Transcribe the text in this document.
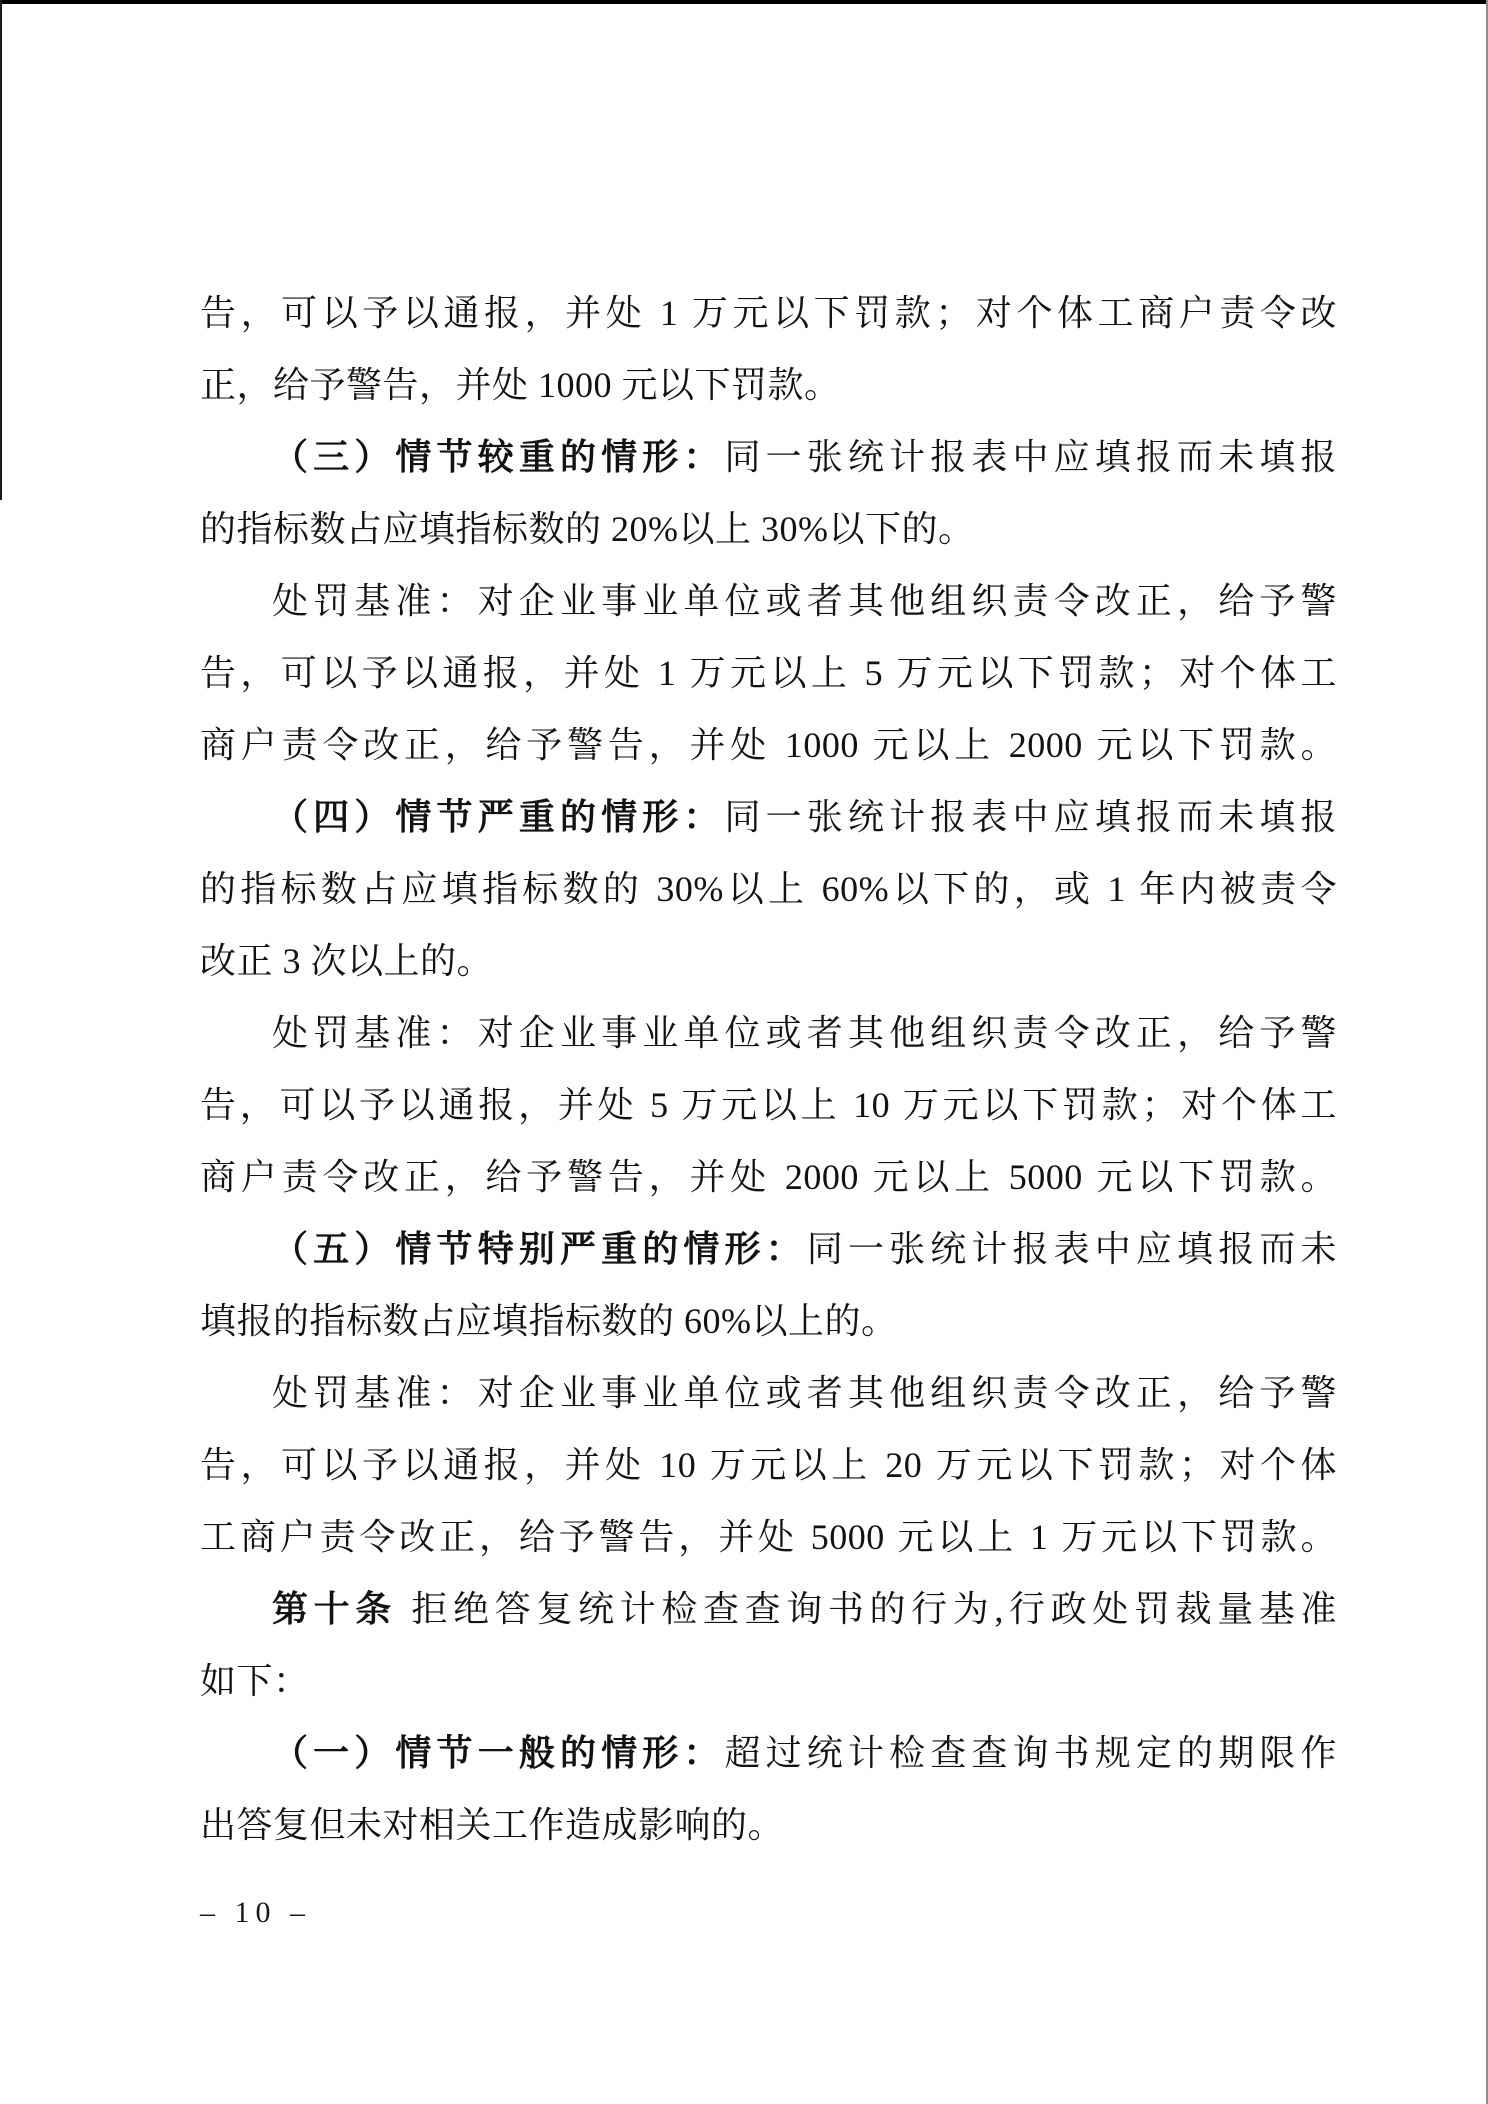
告，可以予以通报，并处 1 万元以下罚款；对个体工商户责令改
正，给予警告，并处 1000 元以下罚款。
（三）情节较重的情形：同一张统计报表中应填报而未填报
的指标数占应填指标数的 20%以上 30%以下的。
处罚基准：对企业事业单位或者其他组织责令改正，给予警
告，可以予以通报，并处 1 万元以上 5 万元以下罚款；对个体工
商户责令改正，给予警告，并处 1000 元以上 2000 元以下罚款。
（四）情节严重的情形：同一张统计报表中应填报而未填报
的指标数占应填指标数的 30%以上 60%以下的，或 1 年内被责令
改正 3 次以上的。
处罚基准：对企业事业单位或者其他组织责令改正，给予警
告，可以予以通报，并处 5 万元以上 10 万元以下罚款；对个体工
商户责令改正，给予警告，并处 2000 元以上 5000 元以下罚款。
（五）情节特别严重的情形：同一张统计报表中应填报而未
填报的指标数占应填指标数的 60%以上的。
处罚基准：对企业事业单位或者其他组织责令改正，给予警
告，可以予以通报，并处 10 万元以上 20 万元以下罚款；对个体
工商户责令改正，给予警告，并处 5000 元以上 1 万元以下罚款。
第十条 拒绝答复统计检查查询书的行为,行政处罚裁量基准
如下：
（一）情节一般的情形：超过统计检查查询书规定的期限作
出答复但未对相关工作造成影响的。
– 10 –
